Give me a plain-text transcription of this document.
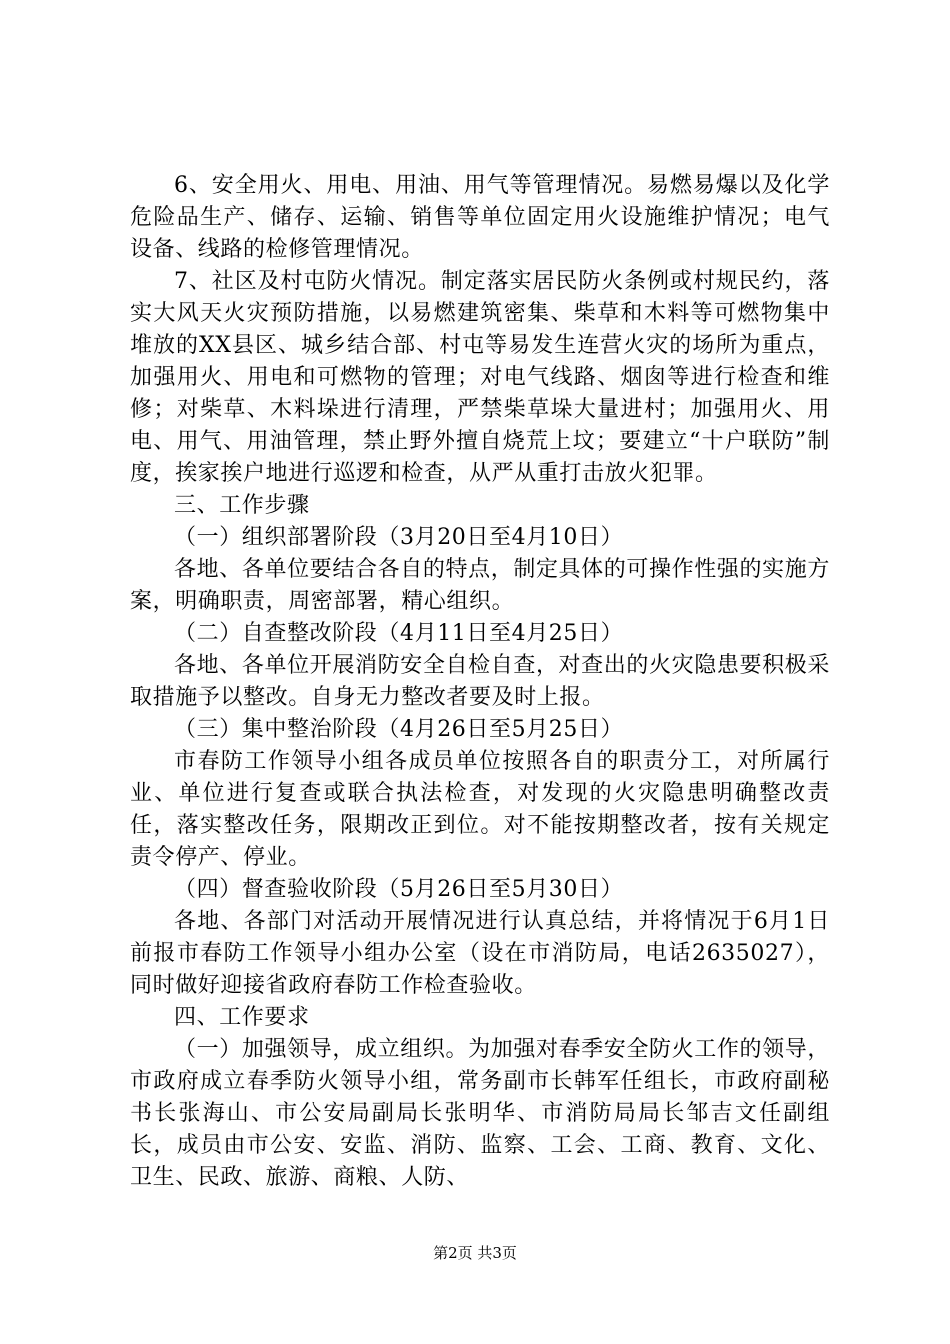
6、安全用火、用电、用油、用气等管理情况。易燃易爆以及化学危险品生产、储存、运输、销售等单位固定用火设施维护情况；电气设备、线路的检修管理情况。

7、社区及村屯防火情况。制定落实居民防火条例或村规民约，落实大风天火灾预防措施，以易燃建筑密集、柴草和木料等可燃物集中堆放的XX县区、城乡结合部、村屯等易发生连营火灾的场所为重点，加强用火、用电和可燃物的管理；对电气线路、烟囱等进行检查和维修；对柴草、木料垛进行清理，严禁柴草垛大量进村；加强用火、用电、用气、用油管理，禁止野外擅自烧荒上坟；要建立“十户联防”制度，挨家挨户地进行巡逻和检查，从严从重打击放火犯罪。

三、工作步骤

（一）组织部署阶段（3月20日至4月10日）

各地、各单位要结合各自的特点，制定具体的可操作性强的实施方案，明确职责，周密部署，精心组织。

（二）自查整改阶段（4月11日至4月25日）

各地、各单位开展消防安全自检自查，对查出的火灾隐患要积极采取措施予以整改。自身无力整改者要及时上报。

（三）集中整治阶段（4月26日至5月25日）

市春防工作领导小组各成员单位按照各自的职责分工，对所属行业、单位进行复查或联合执法检查，对发现的火灾隐患明确整改责任，落实整改任务，限期改正到位。对不能按期整改者，按有关规定责令停产、停业。

（四）督查验收阶段（5月26日至5月30日）

各地、各部门对活动开展情况进行认真总结，并将情况于6月1日前报市春防工作领导小组办公室（设在市消防局，电话2635027），同时做好迎接省政府春防工作检查验收。

四、工作要求

（一）加强领导，成立组织。为加强对春季安全防火工作的领导，市政府成立春季防火领导小组，常务副市长韩军任组长，市政府副秘书长张海山、市公安局副局长张明华、市消防局局长邹吉文任副组长，成员由市公安、安监、消防、监察、工会、工商、教育、文化、卫生、民政、旅游、商粮、人防、

第2页 共3页
